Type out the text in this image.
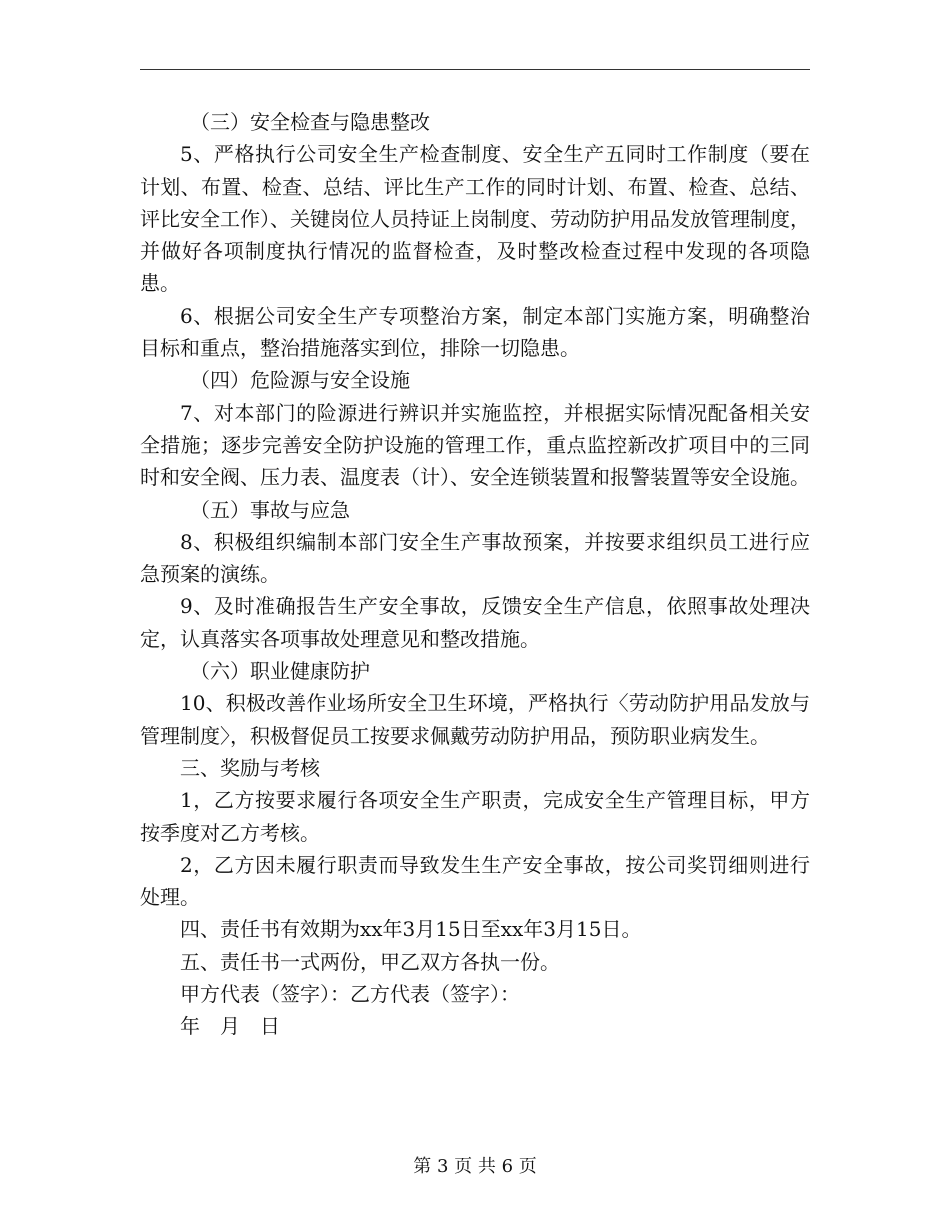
（三）安全检查与隐患整改

5、严格执行公司安全生产检查制度、安全生产五同时工作制度（要在计划、布置、检查、总结、评比生产工作的同时计划、布置、检查、总结、评比安全工作）、关键岗位人员持证上岗制度、劳动防护用品发放管理制度，并做好各项制度执行情况的监督检查，及时整改检查过程中发现的各项隐患。

6、根据公司安全生产专项整治方案，制定本部门实施方案，明确整治目标和重点，整治措施落实到位，排除一切隐患。

（四）危险源与安全设施

7、对本部门的险源进行辨识并实施监控，并根据实际情况配备相关安全措施；逐步完善安全防护设施的管理工作，重点监控新改扩项目中的三同时和安全阀、压力表、温度表（计）、安全连锁装置和报警装置等安全设施。

（五）事故与应急

8、积极组织编制本部门安全生产事故预案，并按要求组织员工进行应急预案的演练。

9、及时准确报告生产安全事故，反馈安全生产信息，依照事故处理决定，认真落实各项事故处理意见和整改措施。

（六）职业健康防护

10、积极改善作业场所安全卫生环境，严格执行〈劳动防护用品发放与管理制度〉，积极督促员工按要求佩戴劳动防护用品，预防职业病发生。

三、奖励与考核

1，乙方按要求履行各项安全生产职责，完成安全生产管理目标，甲方按季度对乙方考核。

2，乙方因未履行职责而导致发生生产安全事故，按公司奖罚细则进行处理。

四、责任书有效期为xx年3月15日至xx年3月15日。

五、责任书一式两份，甲乙双方各执一份。

甲方代表（签字）：乙方代表（签字）：

年　月　日

第 3 页 共 6 页
